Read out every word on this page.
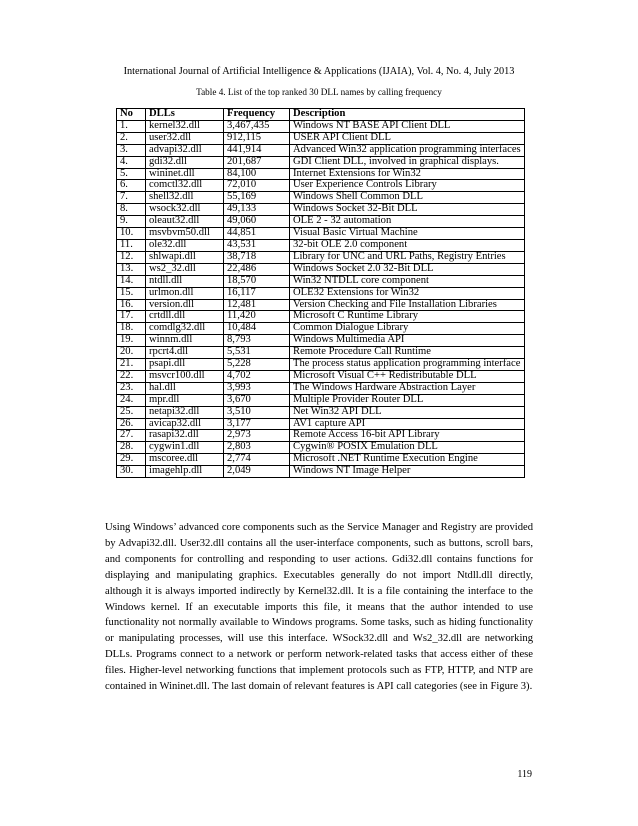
International Journal of Artificial Intelligence & Applications (IJAIA), Vol. 4, No. 4, July 2013
Table 4. List of the top ranked 30 DLL names by calling frequency
No	DLLs	Frequency	Description
1.	kernel32.dll	3,467,435	Windows NT BASE API Client DLL
2.	user32.dll	912,115	USER API Client DLL
3.	advapi32.dll	441,914	Advanced Win32 application programming interfaces
4.	gdi32.dll	201,687	GDI Client DLL, involved in graphical displays.
5.	wininet.dll	84,100	Internet Extensions for Win32
6.	comctl32.dll	72,010	User Experience Controls Library
7.	shell32.dll	55,169	Windows Shell Common DLL
8.	wsock32.dll	49,133	Windows Socket 32-Bit DLL
9.	oleaut32.dll	49,060	OLE 2 - 32 automation
10.	msvbvm50.dll	44,851	Visual Basic Virtual Machine
11.	ole32.dll	43,531	32-bit OLE 2.0 component
12.	shlwapi.dll	38,718	Library for UNC and URL Paths, Registry Entries
13.	ws2_32.dll	22,486	Windows Socket 2.0 32-Bit DLL
14.	ntdll.dll	18,570	Win32 NTDLL core component
15.	urlmon.dll	16,117	OLE32 Extensions for Win32
16.	version.dll	12,481	Version Checking and File Installation Libraries
17.	crtdll.dll	11,420	Microsoft C Runtime Library
18.	comdlg32.dll	10,484	Common Dialogue Library
19.	winnm.dll	8,793	Windows Multimedia API
20.	rpcrt4.dll	5,531	Remote Procedure Call Runtime
21.	psapi.dll	5,228	The process status application programming interface
22.	msvcr100.dll	4,702	Microsoft Visual C++ Redistributable DLL
23.	hal.dll	3,993	The Windows Hardware Abstraction Layer
24.	mpr.dll	3,670	Multiple Provider Router DLL
25.	netapi32.dll	3,510	Net Win32 API DLL
26.	avicap32.dll	3,177	AV1 capture API
27.	rasapi32.dll	2,973	Remote Access 16-bit API Library
28.	cygwin1.dll	2,803	Cygwin® POSIX Emulation DLL
29.	mscoree.dll	2,774	Microsoft .NET Runtime Execution Engine
30.	imagehlp.dll	2,049	Windows NT Image Helper

Using Windows’ advanced core components such as the Service Manager and Registry are provided by Advapi32.dll. User32.dll contains all the user-interface components, such as buttons, scroll bars, and components for controlling and responding to user actions. Gdi32.dll contains functions for displaying and manipulating graphics. Executables generally do not import Ntdll.dll directly, although it is always imported indirectly by Kernel32.dll. It is a file containing the interface to the Windows kernel. If an executable imports this file, it means that the author intended to use functionality not normally available to Windows programs. Some tasks, such as hiding functionality or manipulating processes, will use this interface. WSock32.dll and Ws2_32.dll are networking DLLs. Programs connect to a network or perform network-related tasks that access either of these files. Higher-level networking functions that implement protocols such as FTP, HTTP, and NTP are contained in Wininet.dll. The last domain of relevant features is API call categories (see in Figure 3).

119
